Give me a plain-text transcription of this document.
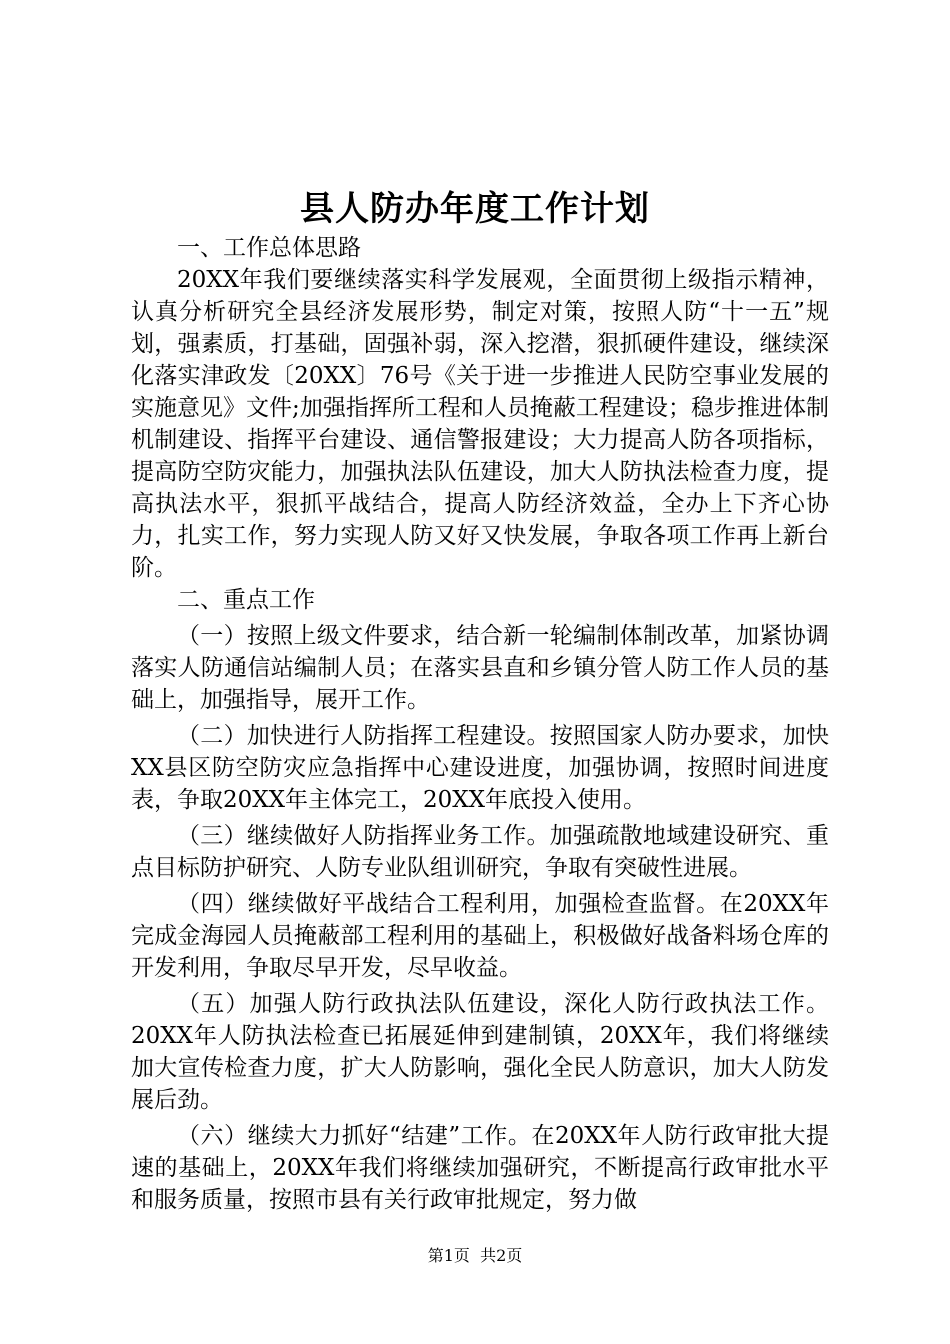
县人防办年度工作计划

一、工作总体思路

20XX年我们要继续落实科学发展观，全面贯彻上级指示精神，认真分析研究全县经济发展形势，制定对策，按照人防“十一五”规划，强素质，打基础，固强补弱，深入挖潜，狠抓硬件建设，继续深化落实津政发〔20XX〕76号《关于进一步推进人民防空事业发展的实施意见》文件;加强指挥所工程和人员掩蔽工程建设；稳步推进体制机制建设、指挥平台建设、通信警报建设；大力提高人防各项指标，提高防空防灾能力，加强执法队伍建设，加大人防执法检查力度，提高执法水平，狠抓平战结合，提高人防经济效益，全办上下齐心协力，扎实工作，努力实现人防又好又快发展，争取各项工作再上新台阶。

二、重点工作

（一）按照上级文件要求，结合新一轮编制体制改革，加紧协调落实人防通信站编制人员；在落实县直和乡镇分管人防工作人员的基础上，加强指导，展开工作。

（二）加快进行人防指挥工程建设。按照国家人防办要求，加快XX县区防空防灾应急指挥中心建设进度，加强协调，按照时间进度表，争取20XX年主体完工，20XX年底投入使用。

（三）继续做好人防指挥业务工作。加强疏散地域建设研究、重点目标防护研究、人防专业队组训研究，争取有突破性进展。

（四）继续做好平战结合工程利用，加强检查监督。在20XX年完成金海园人员掩蔽部工程利用的基础上，积极做好战备料场仓库的开发利用，争取尽早开发，尽早收益。

（五）加强人防行政执法队伍建设，深化人防行政执法工作。20XX年人防执法检查已拓展延伸到建制镇，20XX年，我们将继续加大宣传检查力度，扩大人防影响，强化全民人防意识，加大人防发展后劲。

（六）继续大力抓好“结建”工作。在20XX年人防行政审批大提速的基础上，20XX年我们将继续加强研究，不断提高行政审批水平和服务质量，按照市县有关行政审批规定，努力做

第1页  共2页
